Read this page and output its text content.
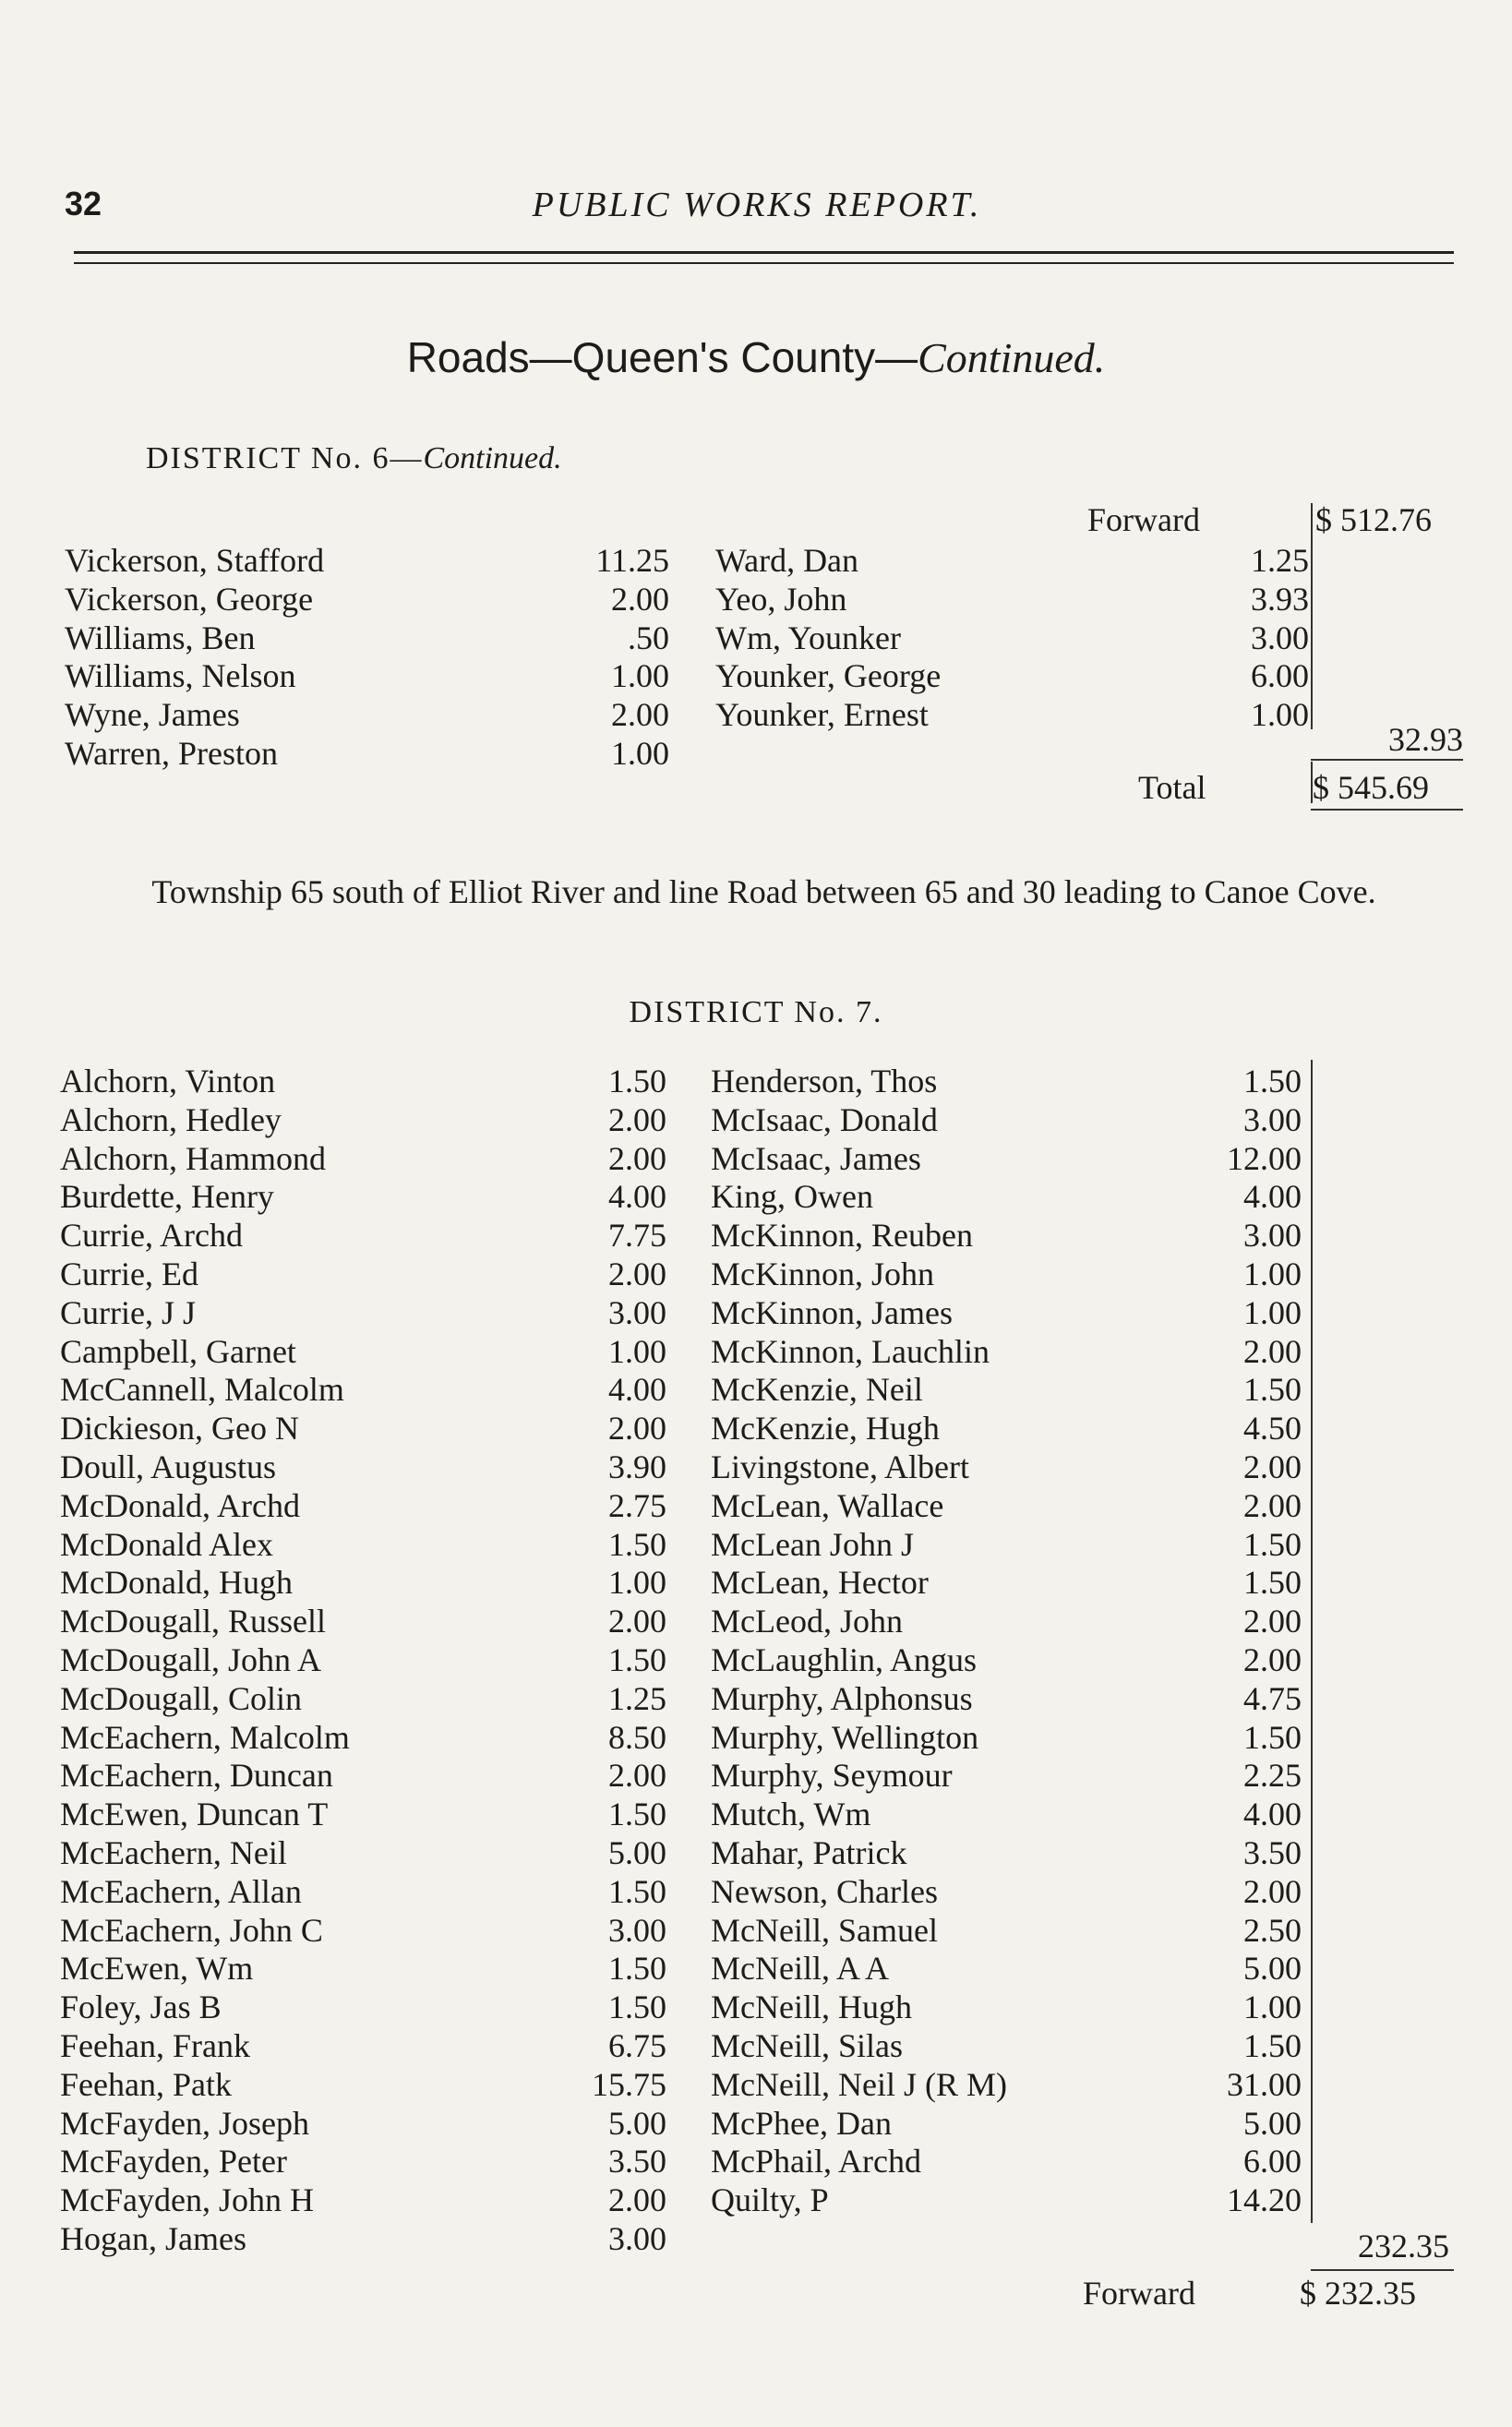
32	PUBLIC WORKS REPORT.
Roads—Queen's County—Continued.
DISTRICT No. 6—Continued.
Forward	$ 512.76
Vickerson, Stafford	11.25
Vickerson, George	2.00
Williams, Ben	.50
Williams, Nelson	1.00
Wyne, James	2.00
Warren, Preston	1.00
Ward, Dan	1.25
Yeo, John	3.93
Wm, Younker	3.00
Younker, George	6.00
Younker, Ernest	1.00
32.93
Total	$ 545.69
Township 65 south of Elliot River and line Road between 65 and 30 leading to Canoe Cove.
DISTRICT No. 7.
Alchorn, Vinton	1.50
Alchorn, Hedley	2.00
Alchorn, Hammond	2.00
Burdette, Henry	4.00
Currie, Archd	7.75
Currie, Ed	2.00
Currie, J J	3.00
Campbell, Garnet	1.00
McCannell, Malcolm	4.00
Dickieson, Geo N	2.00
Doull, Augustus	3.90
McDonald, Archd	2.75
McDonald Alex	1.50
McDonald, Hugh	1.00
McDougall, Russell	2.00
McDougall, John A	1.50
McDougall, Colin	1.25
McEachern, Malcolm	8.50
McEachern, Duncan	2.00
McEwen, Duncan T	1.50
McEachern, Neil	5.00
McEachern, Allan	1.50
McEachern, John C	3.00
McEwen, Wm	1.50
Foley, Jas B	1.50
Feehan, Frank	6.75
Feehan, Patk	15.75
McFayden, Joseph	5.00
McFayden, Peter	3.50
McFayden, John H	2.00
Hogan, James	3.00
Henderson, Thos	1.50
McIsaac, Donald	3.00
McIsaac, James	12.00
King, Owen	4.00
McKinnon, Reuben	3.00
McKinnon, John	1.00
McKinnon, James	1.00
McKinnon, Lauchlin	2.00
McKenzie, Neil	1.50
McKenzie, Hugh	4.50
Livingstone, Albert	2.00
McLean, Wallace	2.00
McLean John J	1.50
McLean, Hector	1.50
McLeod, John	2.00
McLaughlin, Angus	2.00
Murphy, Alphonsus	4.75
Murphy, Wellington	1.50
Murphy, Seymour	2.25
Mutch, Wm	4.00
Mahar, Patrick	3.50
Newson, Charles	2.00
McNeill, Samuel	2.50
McNeill, A A	5.00
McNeill, Hugh	1.00
McNeill, Silas	1.50
McNeill, Neil J (R M)	31.00
McPhee, Dan	5.00
McPhail, Archd	6.00
Quilty, P	14.20
232.35
Forward	$ 232.35
